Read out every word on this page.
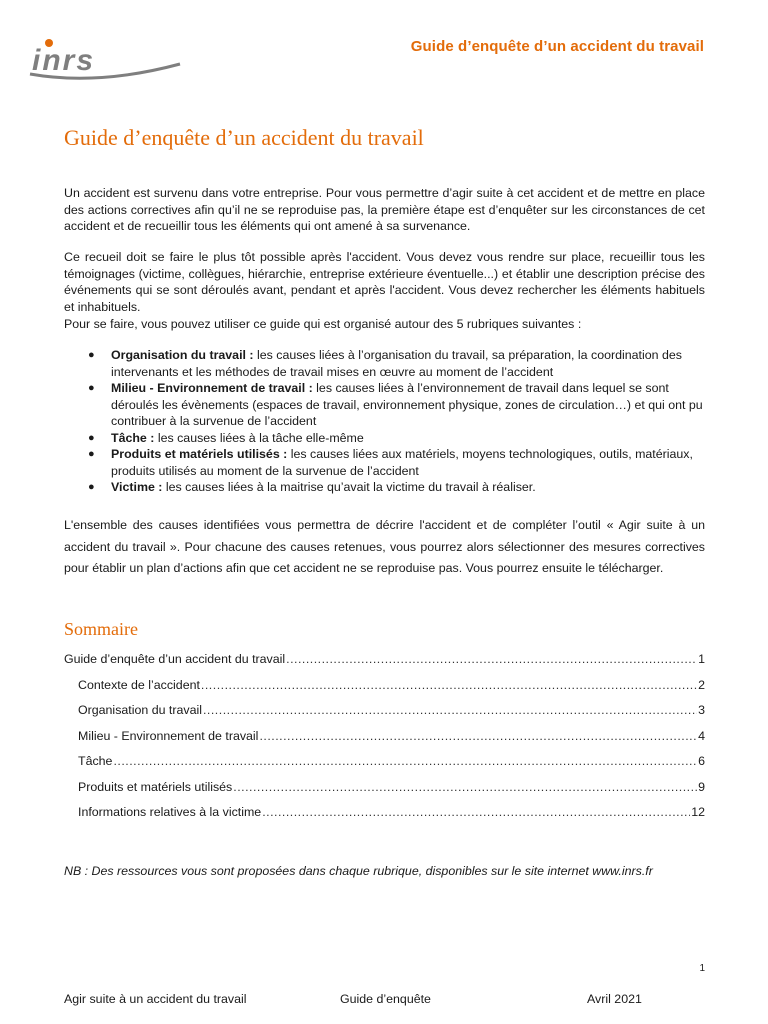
inrs	Guide d’enquête d’un accident du travail
Guide d’enquête d’un accident du travail

Un accident est survenu dans votre entreprise. Pour vous permettre d’agir suite à cet accident et de mettre en place des actions correctives afin qu’il ne se reproduise pas, la première étape est d’enquêter sur les circonstances de cet accident et de recueillir tous les éléments qui ont amené à sa survenance.

Ce recueil doit se faire le plus tôt possible après l'accident. Vous devez vous rendre sur place, recueillir tous les témoignages (victime, collègues, hiérarchie, entreprise extérieure éventuelle...) et établir une description précise des événements qui se sont déroulés avant, pendant et après l'accident. Vous devez rechercher les éléments habituels et inhabituels.

Pour se faire, vous pouvez utiliser ce guide qui est organisé autour des 5 rubriques suivantes :

● Organisation du travail : les causes liées à l’organisation du travail, sa préparation, la coordination des intervenants et les méthodes de travail mises en œuvre au moment de l’accident
● Milieu - Environnement de travail : les causes liées à l’environnement de travail dans lequel se sont déroulés les évènements (espaces de travail, environnement physique, zones de circulation…) et qui ont pu contribuer à la survenue de l’accident
● Tâche : les causes liées à la tâche elle-même
● Produits et matériels utilisés : les causes liées aux matériels, moyens technologiques, outils, matériaux, produits utilisés au moment de la survenue de l’accident
● Victime : les causes liées à la maitrise qu’avait la victime du travail à réaliser.

L'ensemble des causes identifiées vous permettra de décrire l'accident et de compléter l’outil « Agir suite à un accident du travail ». Pour chacune des causes retenues, vous pourrez alors sélectionner des mesures correctives pour établir un plan d’actions afin que cet accident ne se reproduise pas. Vous pourrez ensuite le télécharger.

Sommaire
Guide d’enquête d’un accident du travail .....	1
Contexte de l’accident .....	2
Organisation du travail .....	3
Milieu - Environnement de travail .....	4
Tâche .....	6
Produits et matériels utilisés .....	9
Informations relatives à la victime .....	12
NB : Des ressources vous sont proposées dans chaque rubrique, disponibles sur le site internet www.inrs.fr
1
Agir suite à un accident du travail	Guide d’enquête	Avril 2021
